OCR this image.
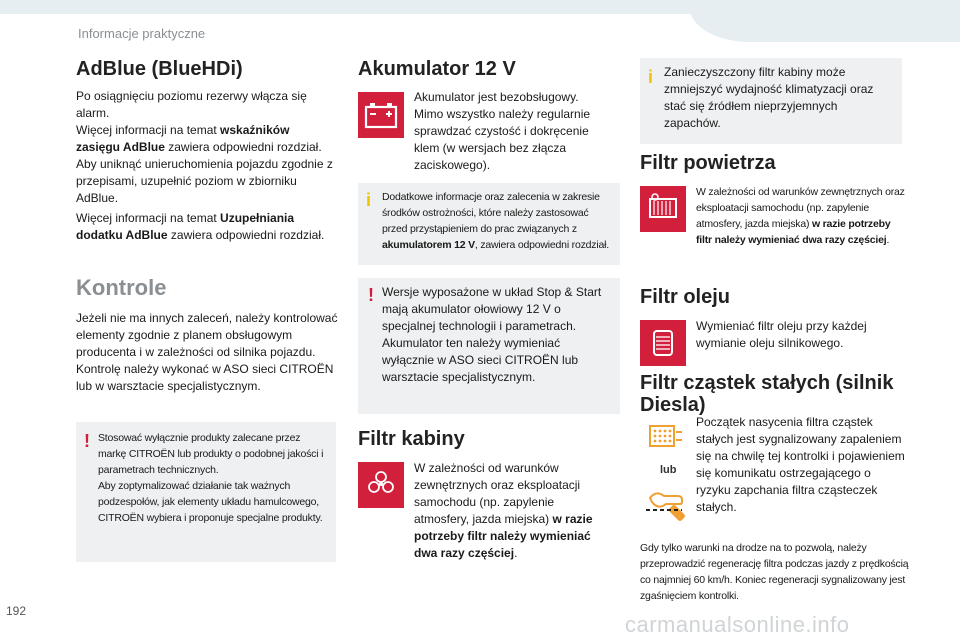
Informacje praktyczne
AdBlue (BlueHDi)

Po osiągnięciu poziomu rezerwy włącza się alarm.
Więcej informacji na temat wskaźników zasięgu AdBlue zawiera odpowiedni rozdział.
Aby uniknąć unieruchomienia pojazdu zgodnie z przepisami, uzupełnić poziom w zbiorniku AdBlue.

Więcej informacji na temat Uzupełniania dodatku AdBlue zawiera odpowiedni rozdział.

Kontrole

Jeżeli nie ma innych zaleceń, należy kontrolować elementy zgodnie z planem obsługowym producenta i w zależności od silnika pojazdu.
Kontrolę należy wykonać w ASO sieci CITROËN lub w warsztacie specjalistycznym.

! Stosować wyłącznie produkty zalecane przez markę CITROËN lub produkty o podobnej jakości i parametrach technicznych.
Aby zoptymalizować działanie tak ważnych podzespołów, jak elementy układu hamulcowego, CITROËN wybiera i proponuje specjalne produkty.

Akumulator 12 V

Akumulator jest bezobsługowy. Mimo wszystko należy regularnie sprawdzać czystość i dokręcenie klem (w wersjach bez złącza zaciskowego).

i Dodatkowe informacje oraz zalecenia w zakresie środków ostrożności, które należy zastosować przed przystąpieniem do prac związanych z akumulatorem 12 V, zawiera odpowiedni rozdział.

! Wersje wyposażone w układ Stop & Start mają akumulator ołowiowy 12 V o specjalnej technologii i parametrach. Akumulator ten należy wymieniać wyłącznie w ASO sieci CITROËN lub warsztacie specjalistycznym.

Filtr kabiny

W zależności od warunków zewnętrznych oraz eksploatacji samochodu (np. zapylenie atmosfery, jazda miejska) w razie potrzeby filtr należy wymieniać dwa razy częściej.

i Zanieczyszczony filtr kabiny może zmniejszyć wydajność klimatyzacji oraz stać się źródłem nieprzyjemnych zapachów.

Filtr powietrza

W zależności od warunków zewnętrznych oraz eksploatacji samochodu (np. zapylenie atmosfery, jazda miejska) w razie potrzeby filtr należy wymieniać dwa razy częściej.

Filtr oleju

Wymieniać filtr oleju przy każdej wymianie oleju silnikowego.

Filtr cząstek stałych (silnik
Diesla)
lub

Początek nasycenia filtra cząstek stałych jest sygnalizowany zapaleniem się na chwilę tej kontrolki i pojawieniem się komunikatu ostrzegającego o ryzyku zapchania filtra cząsteczek stałych.

Gdy tylko warunki na drodze na to pozwolą, należy przeprowadzić regenerację filtra podczas jazdy z prędkością co najmniej 60 km/h. Koniec regeneracji sygnalizowany jest zgaśnięciem kontrolki.

192
carmanualsonline.info
